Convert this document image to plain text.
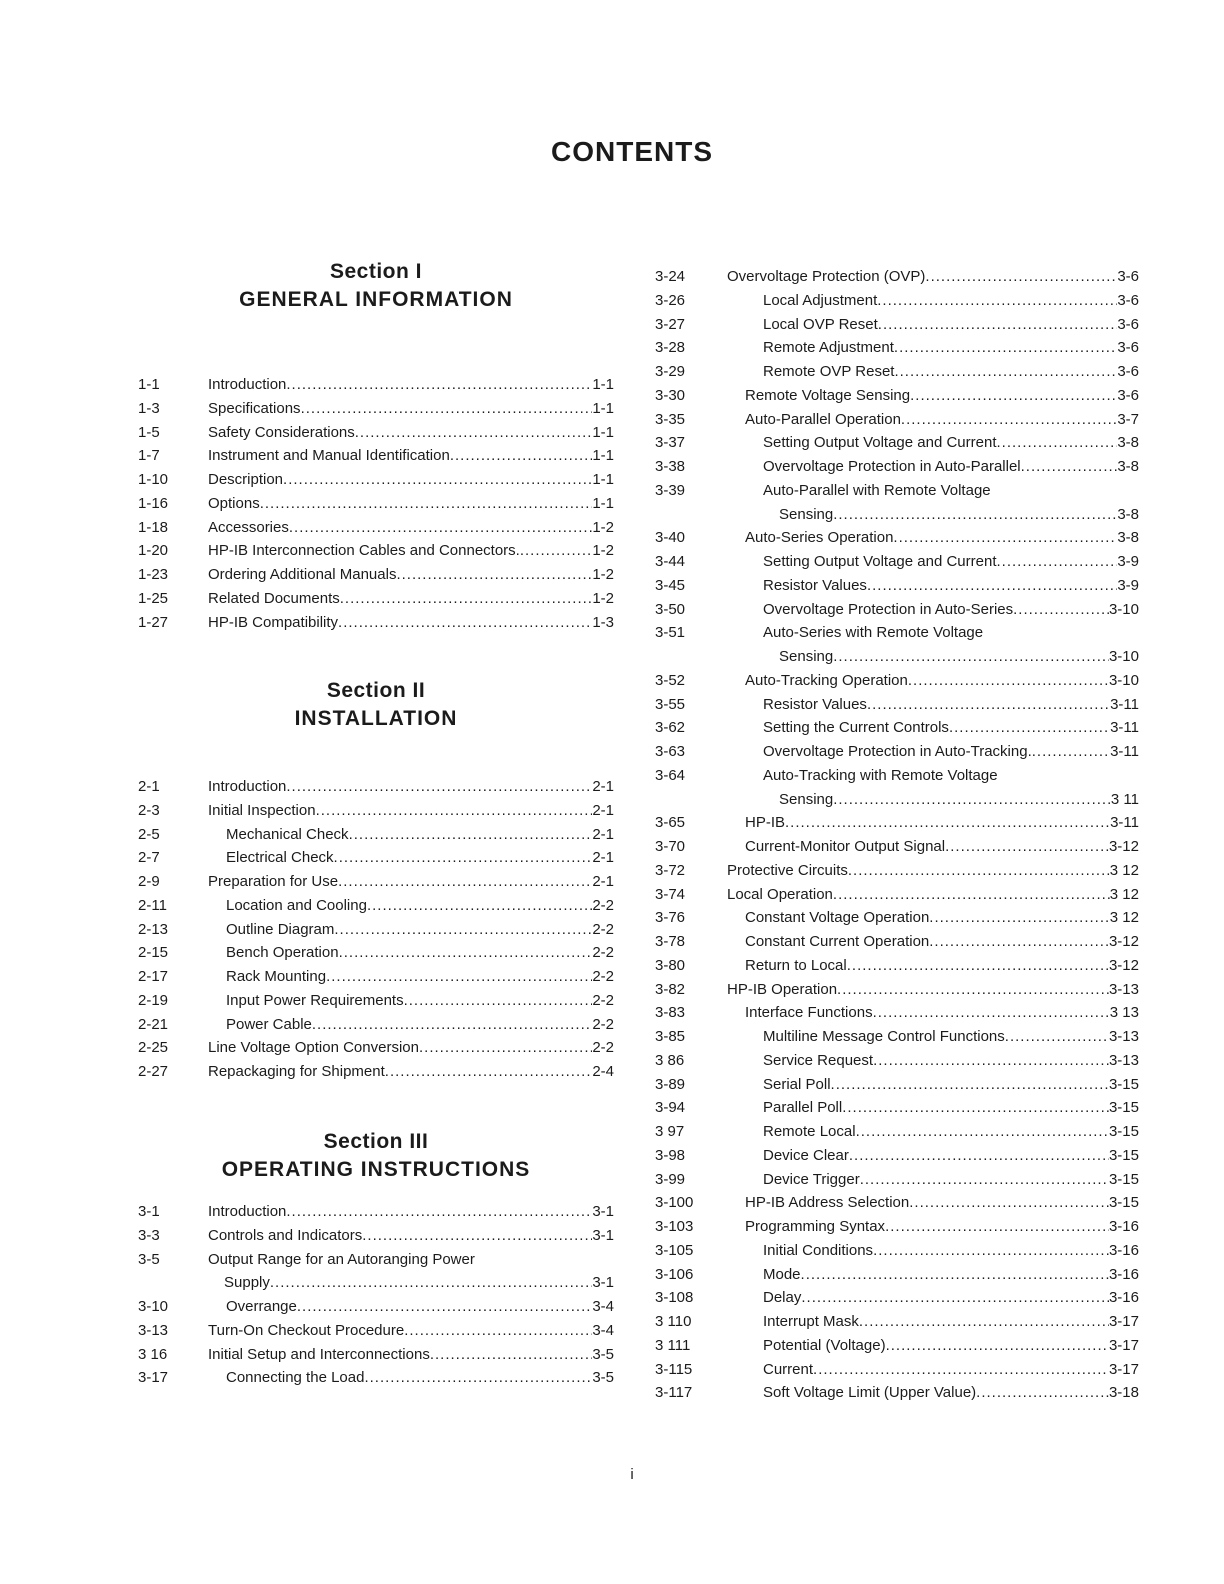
CONTENTS
Section I
GENERAL INFORMATION
1-1	Introduction .....	1-1
1-3	Specifications .....	1-1
1-5	Safety Considerations .....	1-1
1-7	Instrument and Manual Identification .....	1-1
1-10	Description .....	1-1
1-16	Options .....	1-1
1-18	Accessories .....	1-2
1-20	HP-IB Interconnection Cables and Connectors. .....	1-2
1-23	Ordering Additional Manuals .....	1-2
1-25	Related Documents .....	1-2
1-27	HP-IB Compatibility .....	1-3
Section II
INSTALLATION
2-1	Introduction .....	2-1
2-3	Initial Inspection .....	2-1
2-5	Mechanical Check .....	2-1
2-7	Electrical Check .....	2-1
2-9	Preparation for Use .....	2-1
2-11	Location and Cooling .....	2-2
2-13	Outline Diagram .....	2-2
2-15	Bench Operation .....	2-2
2-17	Rack Mounting .....	2-2
2-19	Input Power Requirements .....	2-2
2-21	Power Cable .....	2-2
2-25	Line Voltage Option Conversion .....	2-2
2-27	Repackaging for Shipment .....	2-4
Section III
OPERATING INSTRUCTIONS
3-1	Introduction .....	3-1
3-3	Controls and Indicators .....	3-1
3-5	Output Range for an Autoranging Power
Supply .....	3-1
3-10	Overrange .....	3-4
3-13	Turn-On Checkout Procedure .....	3-4
3 16	Initial Setup and Interconnections .....	3-5
3-17	Connecting the Load .....	3-5
3-24	Overvoltage Protection (OVP) .....	3-6
3-26	Local Adjustment .....	3-6
3-27	Local OVP Reset .....	3-6
3-28	Remote Adjustment .....	3-6
3-29	Remote OVP Reset .....	3-6
3-30	Remote Voltage Sensing .....	3-6
3-35	Auto-Parallel Operation .....	3-7
3-37	Setting Output Voltage and Current .....	3-8
3-38	Overvoltage Protection in Auto-Parallel .....	3-8
3-39	Auto-Parallel with Remote Voltage
Sensing .....	3-8
3-40	Auto-Series Operation .....	3-8
3-44	Setting Output Voltage and Current .....	3-9
3-45	Resistor Values .....	3-9
3-50	Overvoltage Protection in Auto-Series .....	3-10
3-51	Auto-Series with Remote Voltage
Sensing .....	3-10
3-52	Auto-Tracking Operation .....	3-10
3-55	Resistor Values .....	3-11
3-62	Setting the Current Controls .....	3-11
3-63	Overvoltage Protection in Auto-Tracking. .....	3-11
3-64	Auto-Tracking with Remote Voltage
Sensing .....	3 11
3-65	HP-IB .....	3-11
3-70	Current-Monitor Output Signal .....	3-12
3-72	Protective Circuits .....	3 12
3-74	Local Operation .....	3 12
3-76	Constant Voltage Operation .....	3 12
3-78	Constant Current Operation .....	3-12
3-80	Return to Local .....	3-12
3-82	HP-IB Operation .....	3-13
3-83	Interface Functions .....	3 13
3-85	Multiline Message Control Functions .....	3-13
3 86	Service Request .....	3-13
3-89	Serial Poll .....	3-15
3-94	Parallel Poll .....	3-15
3 97	Remote Local .....	3-15
3-98	Device Clear .....	3-15
3-99	Device Trigger .....	3-15
3-100	HP-IB Address Selection .....	3-15
3-103	Programming Syntax .....	3-16
3-105	Initial Conditions .....	3-16
3-106	Mode .....	3-16
3-108	Delay .....	3-16
3 110	Interrupt Mask .....	3-17
3 111	Potential (Voltage) .....	3-17
3-115	Current .....	3-17
3-117	Soft Voltage Limit (Upper Value) .....	3-18
i
